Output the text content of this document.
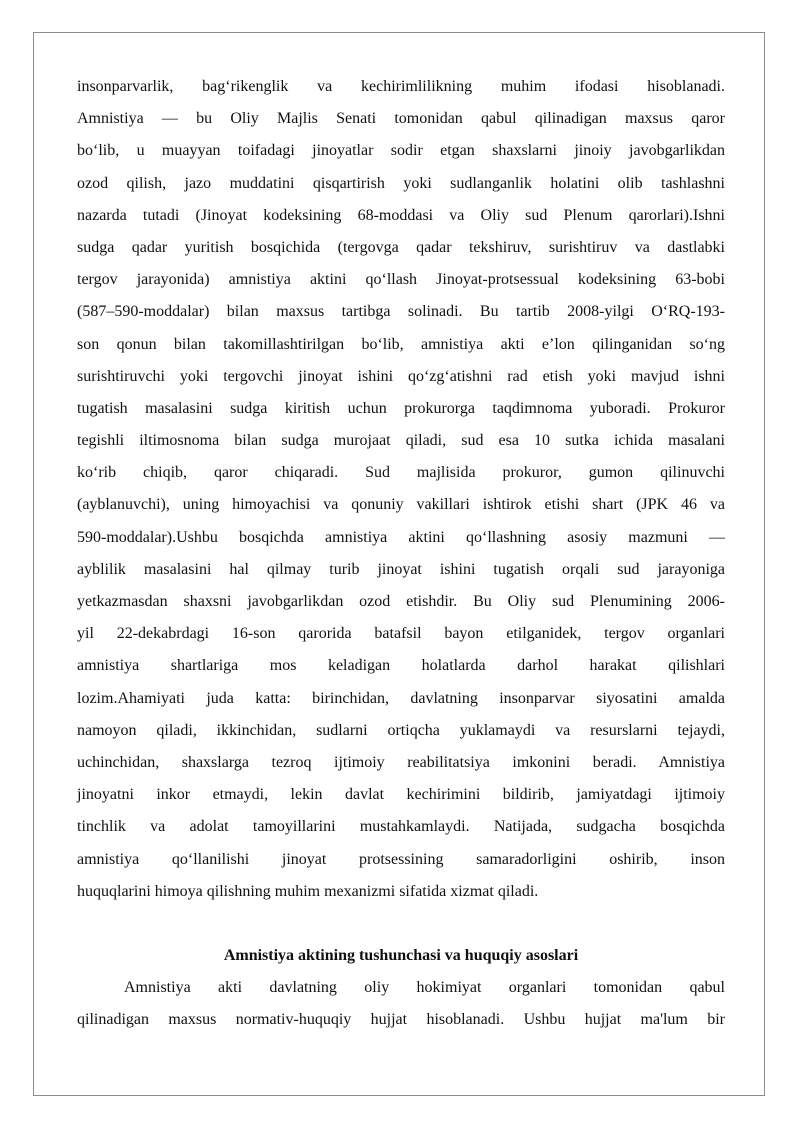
insonparvarlik, bag‘rikenglik va kechirimlilikning muhim ifodasi hisoblanadi.
Amnistiya — bu Oliy Majlis Senati tomonidan qabul qilinadigan maxsus qaror
bo‘lib, u muayyan toifadagi jinoyatlar sodir etgan shaxslarni jinoiy javobgarlikdan
ozod qilish, jazo muddatini qisqartirish yoki sudlanganlik holatini olib tashlashni
nazarda tutadi (Jinoyat kodeksining 68-moddasi va Oliy sud Plenum qarorlari).Ishni
sudga qadar yuritish bosqichida (tergovga qadar tekshiruv, surishtiruv va dastlabki
tergov jarayonida) amnistiya aktini qo‘llash Jinoyat-protsessual kodeksining 63-bobi
(587–590-moddalar) bilan maxsus tartibga solinadi. Bu tartib 2008-yilgi O‘RQ-193-
son qonun bilan takomillashtirilgan bo‘lib, amnistiya akti e’lon qilinganidan so‘ng
surishtiruvchi yoki tergovchi jinoyat ishini qo‘zg‘atishni rad etish yoki mavjud ishni
tugatish masalasini sudga kiritish uchun prokurorga taqdimnoma yuboradi. Prokuror
tegishli iltimosnoma bilan sudga murojaat qiladi, sud esa 10 sutka ichida masalani
ko‘rib chiqib, qaror chiqaradi. Sud majlisida prokuror, gumon qilinuvchi
(ayblanuvchi), uning himoyachisi va qonuniy vakillari ishtirok etishi shart (JPK 46 va
590-moddalar).Ushbu bosqichda amnistiya aktini qo‘llashning asosiy mazmuni —
ayblilik masalasini hal qilmay turib jinoyat ishini tugatish orqali sud jarayoniga
yetkazmasdan shaxsni javobgarlikdan ozod etishdir. Bu Oliy sud Plenumining 2006-
yil 22-dekabrdagi 16-son qarorida batafsil bayon etilganidek, tergov organlari
amnistiya shartlariga mos keladigan holatlarda darhol harakat qilishlari
lozim.Ahamiyati juda katta: birinchidan, davlatning insonparvar siyosatini amalda
namoyon qiladi, ikkinchidan, sudlarni ortiqcha yuklamaydi va resurslarni tejaydi,
uchinchidan, shaxslarga tezroq ijtimoiy reabilitatsiya imkonini beradi. Amnistiya
jinoyatni inkor etmaydi, lekin davlat kechirimini bildirib, jamiyatdagi ijtimoiy
tinchlik va adolat tamoyillarini mustahkamlaydi. Natijada, sudgacha bosqichda
amnistiya qo‘llanilishi jinoyat protsessining samaradorligini oshirib, inson
huquqlarini himoya qilishning muhim mexanizmi sifatida xizmat qiladi.
Amnistiya aktining tushunchasi va huquqiy asoslari
Amnistiya akti davlatning oliy hokimiyat organlari tomonidan qabul
qilinadigan maxsus normativ-huquqiy hujjat hisoblanadi. Ushbu hujjat ma'lum bir
